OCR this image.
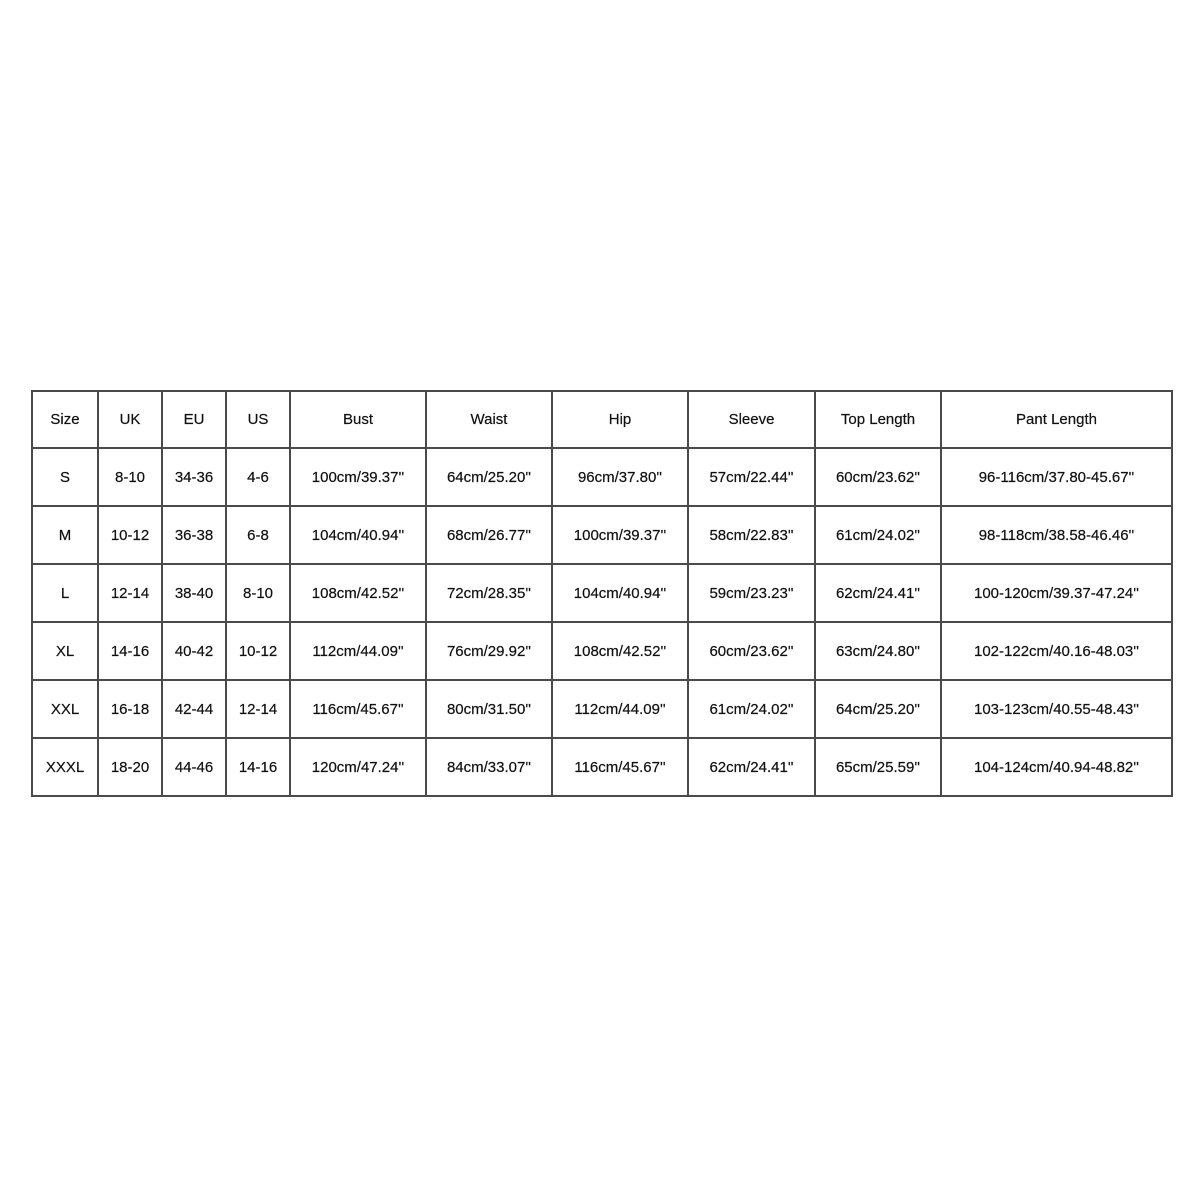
Size	UK	EU	US	Bust	Waist	Hip	Sleeve	Top Length	Pant Length
S	8-10	34-36	4-6	100cm/39.37''	64cm/25.20''	96cm/37.80''	57cm/22.44''	60cm/23.62''	96-116cm/37.80-45.67''
M	10-12	36-38	6-8	104cm/40.94''	68cm/26.77''	100cm/39.37''	58cm/22.83''	61cm/24.02''	98-118cm/38.58-46.46''
L	12-14	38-40	8-10	108cm/42.52''	72cm/28.35''	104cm/40.94''	59cm/23.23''	62cm/24.41''	100-120cm/39.37-47.24''
XL	14-16	40-42	10-12	112cm/44.09''	76cm/29.92''	108cm/42.52''	60cm/23.62''	63cm/24.80''	102-122cm/40.16-48.03''
XXL	16-18	42-44	12-14	116cm/45.67''	80cm/31.50''	112cm/44.09''	61cm/24.02''	64cm/25.20''	103-123cm/40.55-48.43''
XXXL	18-20	44-46	14-16	120cm/47.24''	84cm/33.07''	116cm/45.67''	62cm/24.41''	65cm/25.59''	104-124cm/40.94-48.82''
